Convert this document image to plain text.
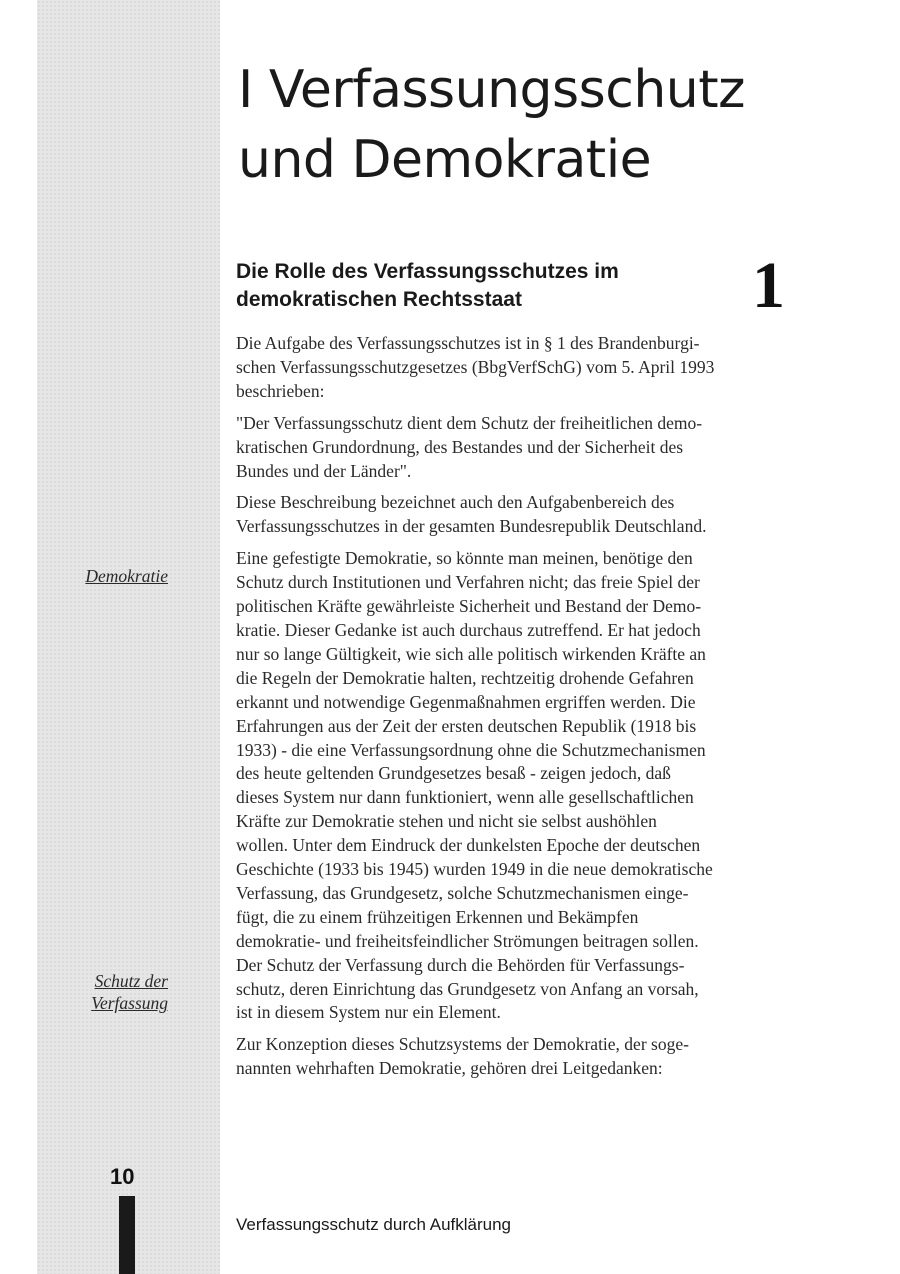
I Verfassungsschutz
und Demokratie
Die Rolle des Verfassungsschutzes im
demokratischen Rechtsstaat	1

Die Aufgabe des Verfassungsschutzes ist in § 1 des Brandenburgi-
schen Verfassungsschutzgesetzes (BbgVerfSchG) vom 5. April 1993
beschrieben:

"Der Verfassungsschutz dient dem Schutz der freiheitlichen demo-
kratischen Grundordnung, des Bestandes und der Sicherheit des
Bundes und der Länder".

Diese Beschreibung bezeichnet auch den Aufgabenbereich des
Verfassungsschutzes in der gesamten Bundesrepublik Deutschland.

Eine gefestigte Demokratie, so könnte man meinen, benötige den
Schutz durch Institutionen und Verfahren nicht; das freie Spiel der
politischen Kräfte gewährleiste Sicherheit und Bestand der Demo-
kratie. Dieser Gedanke ist auch durchaus zutreffend. Er hat jedoch
nur so lange Gültigkeit, wie sich alle politisch wirkenden Kräfte an
die Regeln der Demokratie halten, rechtzeitig drohende Gefahren
erkannt und notwendige Gegenmaßnahmen ergriffen werden. Die
Erfahrungen aus der Zeit der ersten deutschen Republik (1918 bis
1933) - die eine Verfassungsordnung ohne die Schutzmechanismen
des heute geltenden Grundgesetzes besaß - zeigen jedoch, daß
dieses System nur dann funktioniert, wenn alle gesellschaftlichen
Kräfte zur Demokratie stehen und nicht sie selbst aushöhlen
wollen. Unter dem Eindruck der dunkelsten Epoche der deutschen
Geschichte (1933 bis 1945) wurden 1949 in die neue demokratische
Verfassung, das Grundgesetz, solche Schutzmechanismen einge-
fügt, die zu einem frühzeitigen Erkennen und Bekämpfen
demokratie- und freiheitsfeindlicher Strömungen beitragen sollen.
Der Schutz der Verfassung durch die Behörden für Verfassungs-
schutz, deren Einrichtung das Grundgesetz von Anfang an vorsah,
ist in diesem System nur ein Element.

Zur Konzeption dieses Schutzsystems der Demokratie, der soge-
nannten wehrhaften Demokratie, gehören drei Leitgedanken:

Demokratie
Schutz der
Verfassung
10
Verfassungsschutz durch Aufklärung
